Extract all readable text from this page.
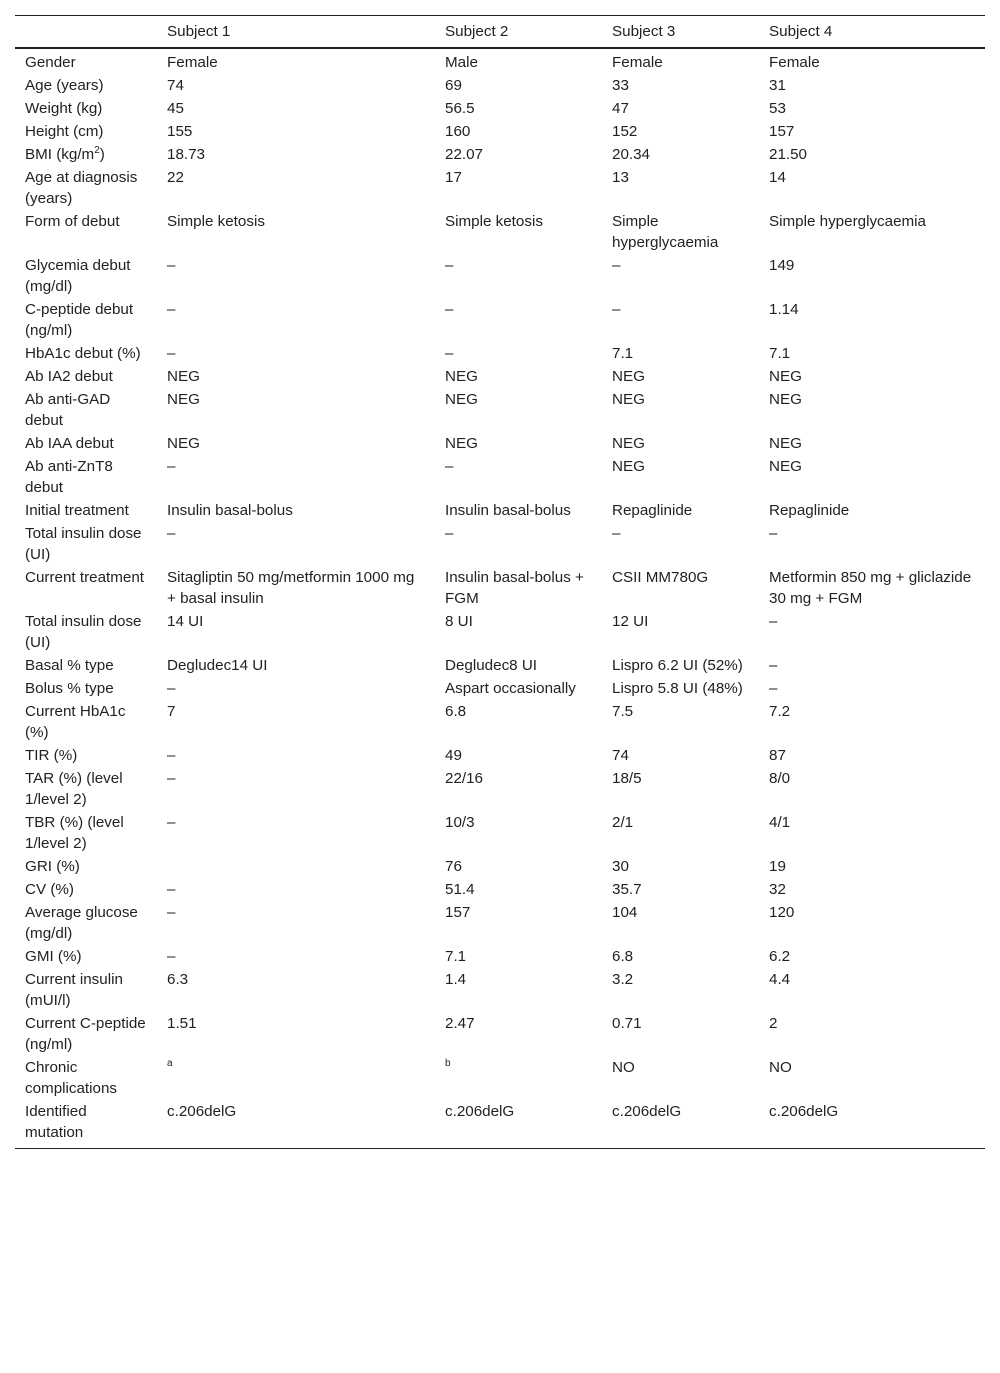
	Subject 1	Subject 2	Subject 3	Subject 4
Gender	Female	Male	Female	Female
Age (years)	74	69	33	31
Weight (kg)	45	56.5	47	53
Height (cm)	155	160	152	157
BMI $(kg/m^2)$	18.73	22.07	20.34	21.50
Age at diagnosis (years)	22	17	13	14
Form of debut	Simple ketosis	Simple ketosis	Simple hyperglycaemia	Simple hyperglycaemia
Glycemia debut (mg/dl)	–	–	–	149
C-peptide debut (ng/ml)	–	–	–	1.14
HbA1c debut (%)	–	–	7.1	7.1
Ab IA2 debut	NEG	NEG	NEG	NEG
Ab anti-GAD debut	NEG	NEG	NEG	NEG
Ab IAA debut	NEG	NEG	NEG	NEG
Ab anti-ZnT8 debut	–	–	NEG	NEG
Initial treatment	Insulin basal-bolus	Insulin basal-bolus	Repaglinide	Repaglinide
Total insulin dose (UI)	–	–	–	–
Current treatment	Sitagliptin 50 mg/metformin 1000 mg + basal insulin	Insulin basal-bolus + FGM	CSII MM780G	Metformin 850 mg + gliclazide 30 mg + FGM
Total insulin dose (UI)	14 UI	8 UI	12 UI	–
Basal % type	Degludec14 UI	Degludec8 UI	Lispro 6.2 UI (52%)	–
Bolus % type	–	Aspart occasionally	Lispro 5.8 UI (48%)	–
Current HbA1c (%)	7	6.8	7.5	7.2
TIR (%)	–	49	74	87
TAR (%) (level 1/level 2)	–	22/16	18/5	8/0
TBR (%) (level 1/level 2)	–	10/3	2/1	4/1
GRI (%)		76	30	19
CV (%)	–	51.4	35.7	32
Average glucose (mg/dl)	–	157	104	120
GMI (%)	–	7.1	6.8	6.2
Current insulin (mUI/l)	6.3	1.4	3.2	4.4
Current C-peptide (ng/ml)	1.51	2.47	0.71	2
Chronic complications	$^a$	$^b$	NO	NO
Identified mutation	c.206delG	c.206delG	c.206delG	c.206delG
